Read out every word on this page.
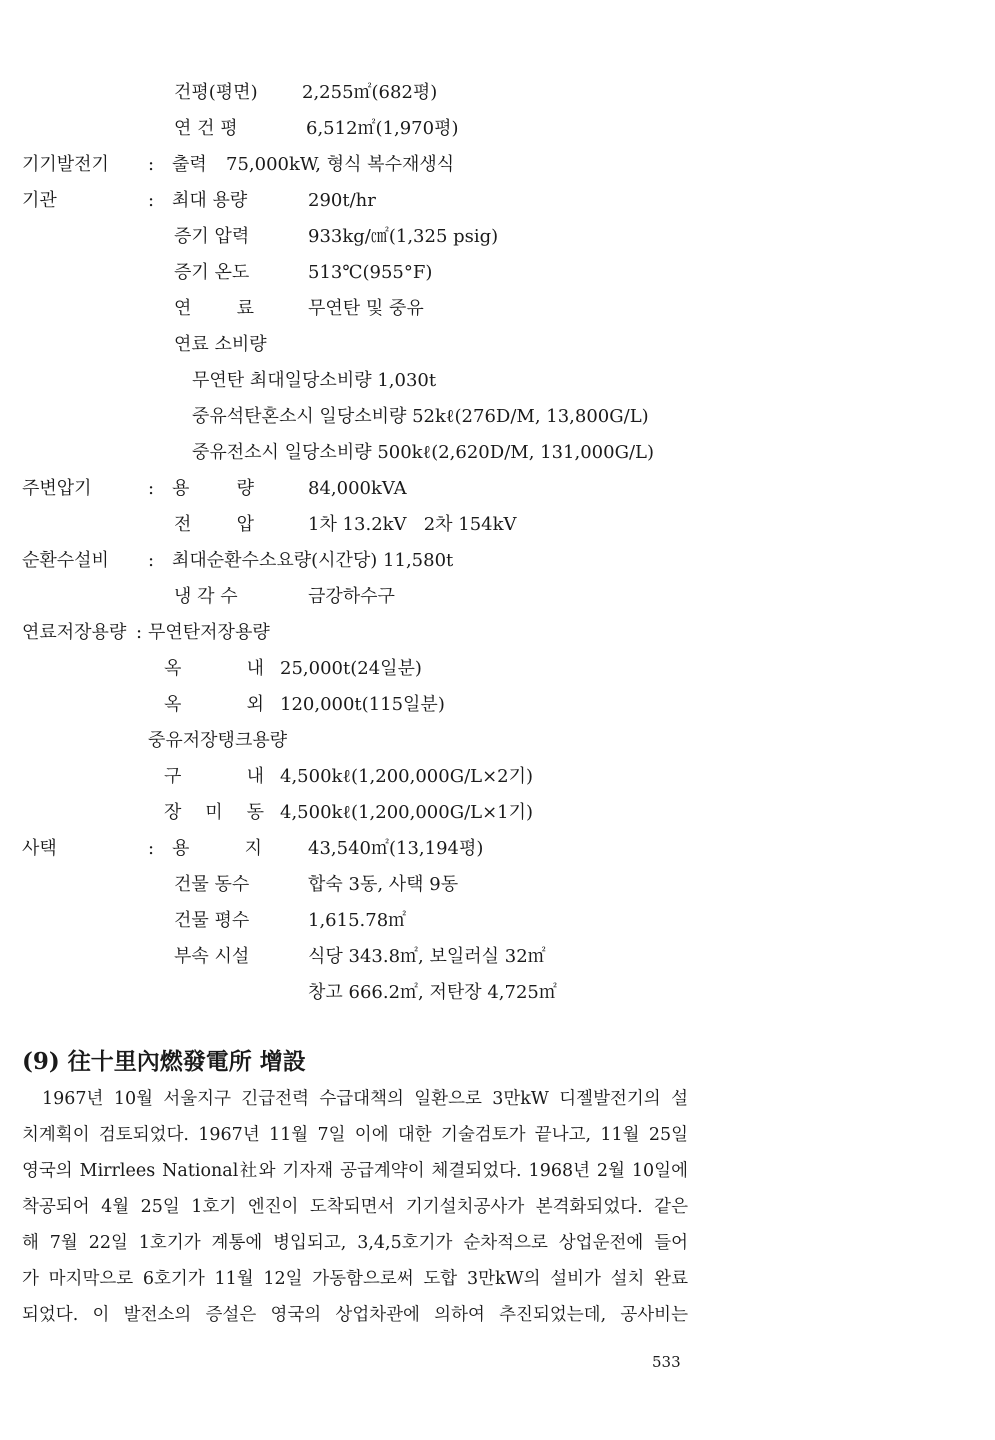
건평(평면) 2,255㎡(682평)
연 건 평	6,512㎡(1,970평)
기기발전기	: 출력 75,000kW, 형식 복수재생식
기관	: 최대 용량	290t/hr
증기 압력	933kg/㎠(1,325 psig)
증기 온도	513℃(955°F)
연 료	무연탄 및 중유
연료 소비량
무연탄 최대일당소비량 1,030t
중유석탄혼소시 일당소비량 52kℓ(276D/M, 13,800G/L)
중유전소시 일당소비량 500kℓ(2,620D/M, 131,000G/L)
주변압기	: 용 량	84,000kVA
전 압	1차 13.2kV   2차 154kV
순환수설비	: 최대순환수소요량(시간당) 11,580t
냉 각 수	금강하수구
연료저장용량 : 무연탄저장용량
옥 내 25,000t(24일분)
옥 외 120,000t(115일분)
중유저장탱크용량
구 내 4,500kℓ(1,200,000G/L×2기)
장 미 동 4,500kℓ(1,200,000G/L×1기)
사택	: 용 지	43,540㎡(13,194평)
건물 동수	합숙 3동, 사택 9동
건물 평수	1,615.78㎡
부속 시설	식당 343.8㎡, 보일러실 32㎡
창고 666.2㎡, 저탄장 4,725㎡
(9) 往十里內燃發電所 增設
1967년 10월 서울지구 긴급전력 수급대책의 일환으로 3만kW 디젤발전기의 설
치계획이 검토되었다. 1967년 11월 7일 이에 대한 기술검토가 끝나고, 11월 25일
영국의 Mirrlees National社와 기자재 공급계약이 체결되었다. 1968년 2월 10일에
착공되어 4월 25일 1호기 엔진이 도착되면서 기기설치공사가 본격화되었다. 같은
해 7월 22일 1호기가 계통에 병입되고, 3,4,5호기가 순차적으로 상업운전에 들어
가 마지막으로 6호기가 11월 12일 가동함으로써 도합 3만kW의 설비가 설치 완료
되었다. 이 발전소의 증설은 영국의 상업차관에 의하여 추진되었는데, 공사비는
533
